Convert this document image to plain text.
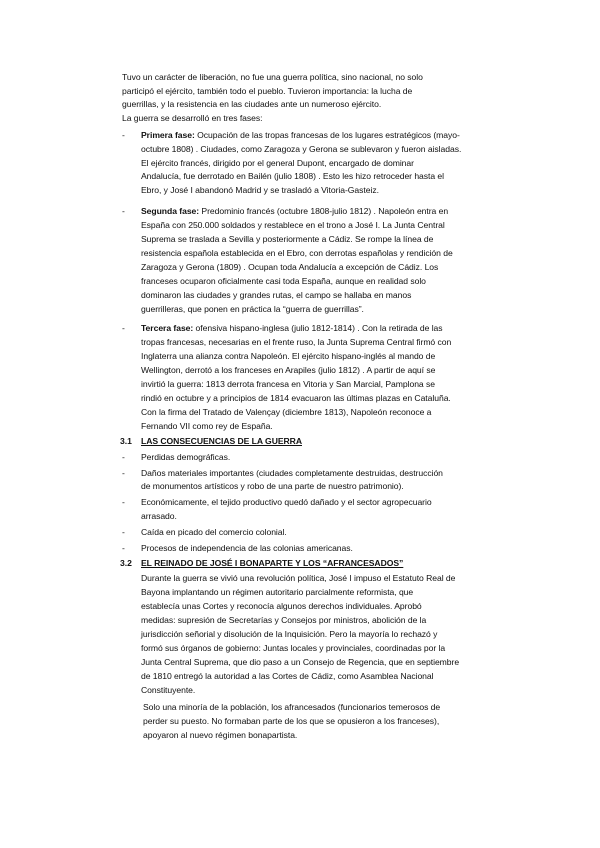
Tuvo un carácter de liberación, no fue una guerra política, sino nacional, no solo
participó el ejército, también todo el pueblo. Tuvieron importancia: la lucha de
guerrillas, y la resistencia en las ciudades ante un numeroso ejército.
La guerra se desarrolló en tres fases:
- Primera fase: Ocupación de las tropas francesas de los lugares estratégicos (mayo-
octubre 1808) . Ciudades, como Zaragoza y Gerona se sublevaron y fueron aisladas.
El ejército francés, dirigido por el general Dupont, encargado de dominar
Andalucía, fue derrotado en Bailén (julio 1808) . Esto les hizo retroceder hasta el
Ebro, y José I abandonó Madrid y se trasladó a Vitoria-Gasteiz.
- Segunda fase: Predominio francés (octubre 1808-julio 1812) . Napoleón entra en
España con 250.000 soldados y restablece en el trono a José I. La Junta Central
Suprema se traslada a Sevilla y posteriormente a Cádiz. Se rompe la línea de
resistencia española establecida en el Ebro, con derrotas españolas y rendición de
Zaragoza y Gerona (1809) . Ocupan toda Andalucía a excepción de Cádiz. Los
franceses ocuparon oficialmente casi toda España, aunque en realidad solo
dominaron las ciudades y grandes rutas, el campo se hallaba en manos
guerrilleras, que ponen en práctica la “guerra de guerrillas”.
- Tercera fase: ofensiva hispano-inglesa (julio 1812-1814) . Con la retirada de las
tropas francesas, necesarias en el frente ruso, la Junta Suprema Central firmó con
Inglaterra una alianza contra Napoleón. El ejército hispano-inglés al mando de
Wellington, derrotó a los franceses en Arapiles (julio 1812) . A partir de aquí se
invirtió la guerra: 1813 derrota francesa en Vitoria y San Marcial, Pamplona se
rindió en octubre y a principios de 1814 evacuaron las últimas plazas en Cataluña.
Con la firma del Tratado de Valençay (diciembre 1813), Napoleón reconoce a
Fernando VII como rey de España.
3.1 LAS CONSECUENCIAS DE LA GUERRA
- Perdidas demográficas.
- Daños materiales importantes (ciudades completamente destruidas, destrucción
de monumentos artísticos y robo de una parte de nuestro patrimonio).
- Económicamente, el tejido productivo quedó dañado y el sector agropecuario
arrasado.
- Caída en picado del comercio colonial.
- Procesos de independencia de las colonias americanas.
3.2 EL REINADO DE JOSÉ I BONAPARTE Y LOS “AFRANCESADOS”
Durante la guerra se vivió una revolución política, José I impuso el Estatuto Real de
Bayona implantando un régimen autoritario parcialmente reformista, que
establecía unas Cortes y reconocía algunos derechos individuales. Aprobó
medidas: supresión de Secretarías y Consejos por ministros, abolición de la
jurisdicción señorial y disolución de la Inquisición. Pero la mayoría lo rechazó y
formó sus órganos de gobierno: Juntas locales y provinciales, coordinadas por la
Junta Central Suprema, que dio paso a un Consejo de Regencia, que en septiembre
de 1810 entregó la autoridad a las Cortes de Cádiz, como Asamblea Nacional
Constituyente.
Solo una minoría de la población, los afrancesados (funcionarios temerosos de
perder su puesto. No formaban parte de los que se opusieron a los franceses),
apoyaron al nuevo régimen bonapartista.
